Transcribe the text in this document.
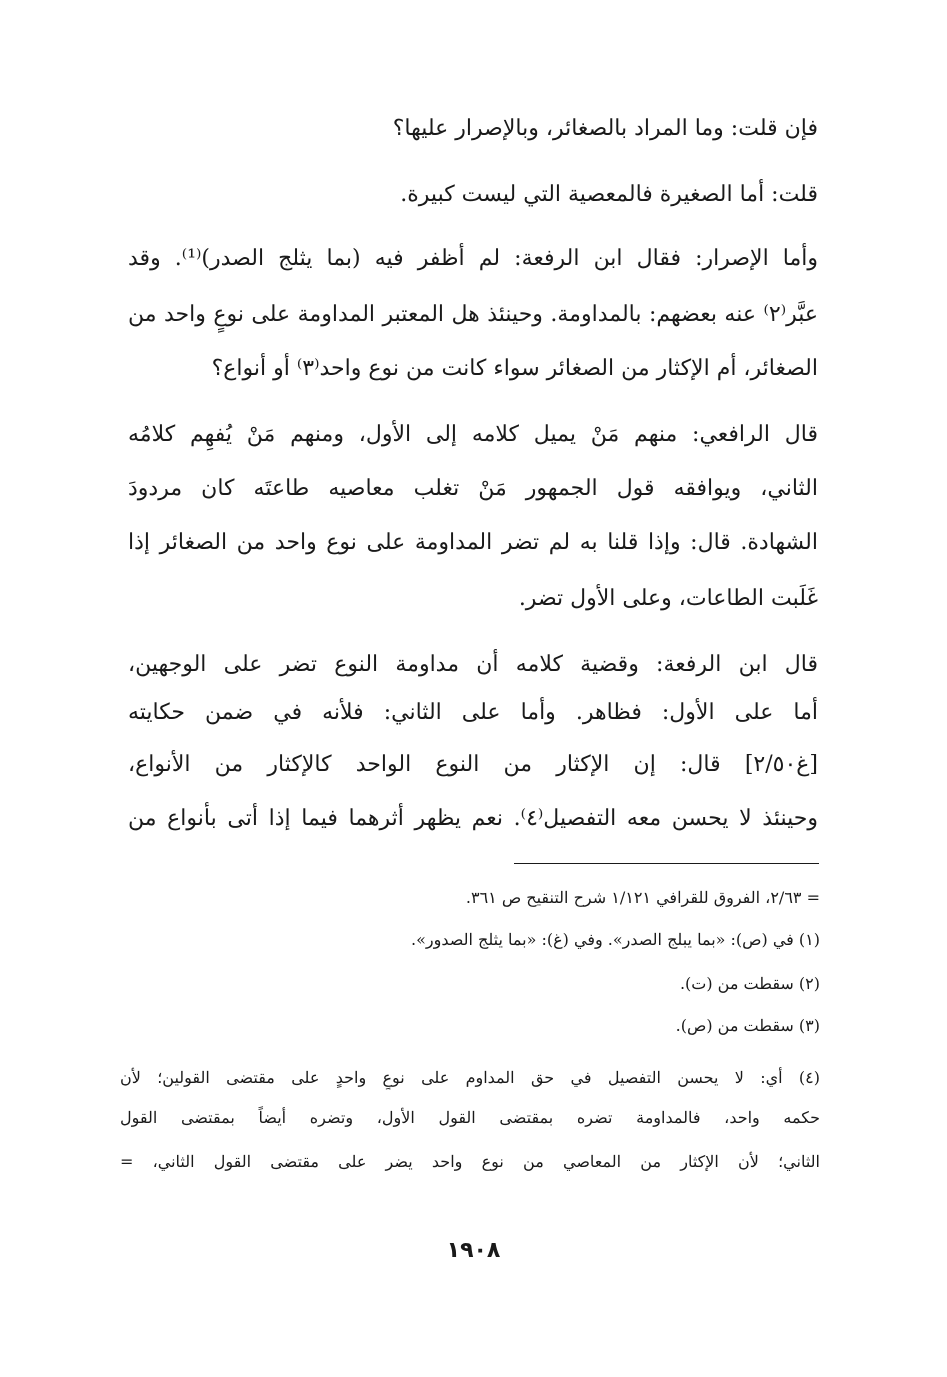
فإن قلت: وما المراد بالصغائر، وبالإصرار عليها؟
قلت: أما الصغيرة فالمعصية التي ليست كبيرة.
وأما الإصرار: فقال ابن الرفعة: لم أظفر فيه (بما يثلج الصدر)⁽¹⁾. وقد
عبَّر⁽٢⁾ عنه بعضهم: بالمداومة. وحينئذ هل المعتبر المداومة على نوعٍ واحد من
الصغائر، أم الإكثار من الصغائر سواء كانت من نوع واحد⁽٣⁾ أو أنواع؟
قال الرافعي: منهم مَنْ يميل كلامه إلى الأول، ومنهم مَنْ يُفهِم كلامُه
الثاني، ويوافقه قول الجمهور مَنْ تغلب معاصيه طاعتَه كان مردودَ
الشهادة. قال: وإذا قلنا به لم تضر المداومة على نوع واحد من الصغائر إذا
غَلَبت الطاعات، وعلى الأول تضر.
قال ابن الرفعة: وقضية كلامه أن مداومة النوع تضر على الوجهين،
أما على الأول: فظاهر. وأما على الثاني: فلأنه في ضمن حكايته
[غ٢/٥٠] قال: إن الإكثار من النوع الواحد كالإكثار من الأنواع،
وحينئذ لا يحسن معه التفصيل⁽٤⁾. نعم يظهر أثرهما فيما إذا أتى بأنواع من
= ٢/٦٣، الفروق للقرافي ١/١٢١ شرح التنقيح ص ٣٦١.
(١) في (ص): «بما يبلج الصدر». وفي (غ): «بما يثلج الصدور».
(٢) سقطت من (ت).
(٣) سقطت من (ص).
(٤) أي: لا يحسن التفصيل في حق المداوم على نوعٍ واحدٍ على مقتضى القولين؛ لأن
حكمه واحد، فالمداومة تضره بمقتضى القول الأول، وتضره أيضاً بمقتضى القول
الثاني؛ لأن الإكثار من المعاصي من نوع واحد يضر على مقتضى القول الثاني، =
١٩٠٨
